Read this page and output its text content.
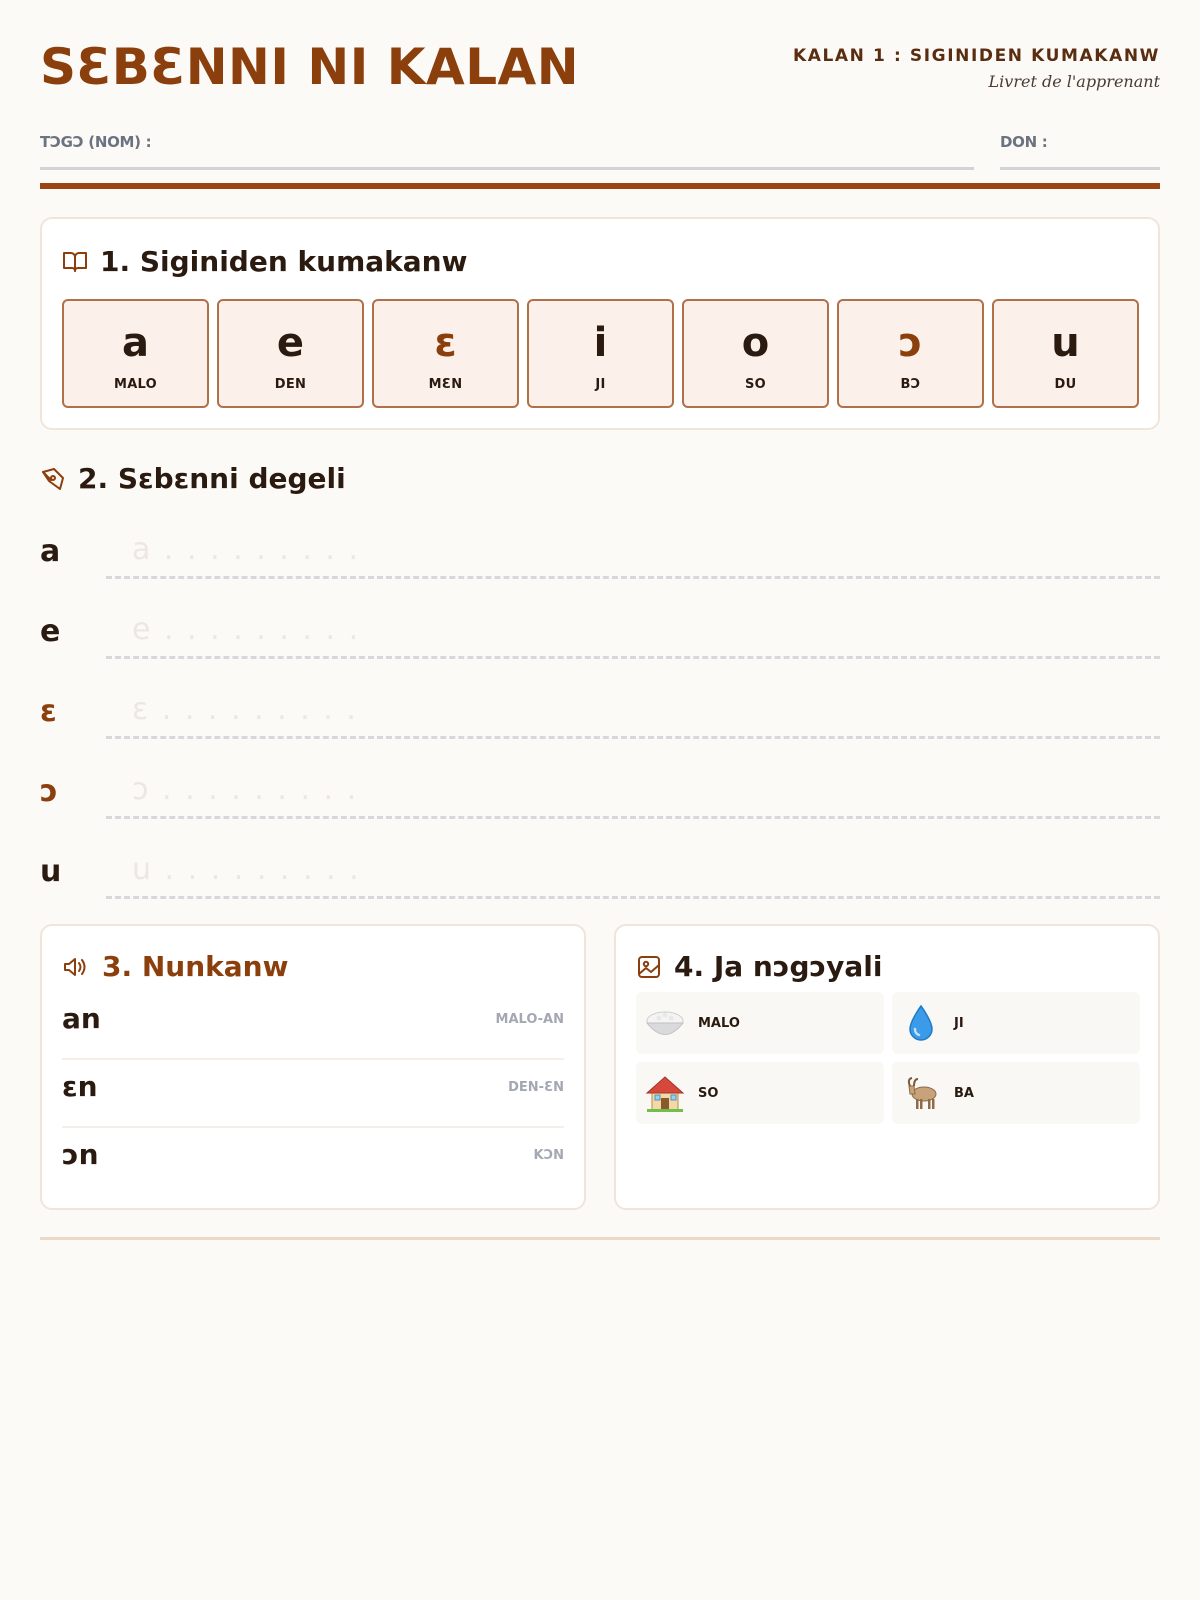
SƐBƐNNI NI KALAN	KALAN 1 : SIGINIDEN KUMAKANW
Livret de l'apprenant
TƆGƆ (NOM) :	DON :
1. Siginiden kumakanw
a
MALO
e
DEN
ɛ
MƐN
i
JI
o
SO
ɔ
BƆ
u
DU
2. Sɛbɛnni degeli
a a . . . . . . . . .
e e . . . . . . . . .
ɛ	ɛ . . . . . . . . .
ɔ ɔ . . . . . . . . .
u u . . . . . . . . .
3. Nunkanw
an	MALO-AN
ɛn	DEN-ƐN
ɔn	KƆN
4. Ja nɔgɔyali
MALO	JI
SO	BA
